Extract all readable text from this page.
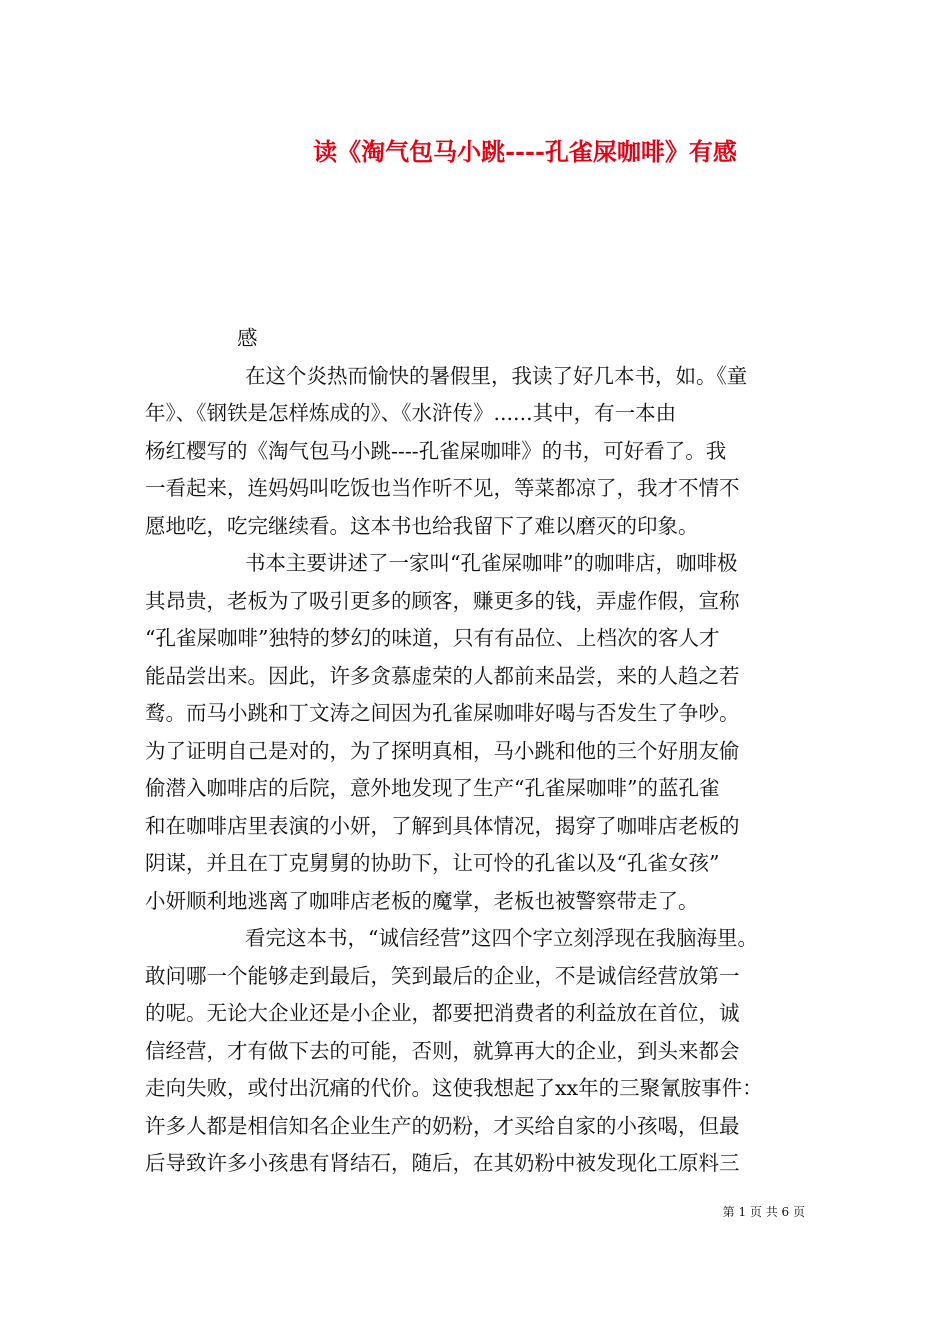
读《淘气包马小跳----孔雀屎咖啡》有感
感
在这个炎热而愉快的暑假里，我读了好几本书，如。《童
年》、《钢铁是怎样炼成的》、《水浒传》......其中，有一本由
杨红樱写的《淘气包马小跳----孔雀屎咖啡》的书，可好看了。我
一看起来，连妈妈叫吃饭也当作听不见，等菜都凉了，我才不情不
愿地吃，吃完继续看。这本书也给我留下了难以磨灭的印象。
书本主要讲述了一家叫“孔雀屎咖啡”的咖啡店，咖啡极
其昂贵，老板为了吸引更多的顾客，赚更多的钱，弄虚作假，宣称
“孔雀屎咖啡”独特的梦幻的味道，只有有品位、上档次的客人才
能品尝出来。因此，许多贪慕虚荣的人都前来品尝，来的人趋之若
鹜。而马小跳和丁文涛之间因为孔雀屎咖啡好喝与否发生了争吵。
为了证明自己是对的，为了探明真相，马小跳和他的三个好朋友偷
偷潜入咖啡店的后院，意外地发现了生产“孔雀屎咖啡”的蓝孔雀
和在咖啡店里表演的小妍，了解到具体情况，揭穿了咖啡店老板的
阴谋，并且在丁克舅舅的协助下，让可怜的孔雀以及“孔雀女孩”
小妍顺利地逃离了咖啡店老板的魔掌，老板也被警察带走了。
看完这本书，“诚信经营”这四个字立刻浮现在我脑海里。
敢问哪一个能够走到最后，笑到最后的企业，不是诚信经营放第一
的呢。无论大企业还是小企业，都要把消费者的利益放在首位，诚
信经营，才有做下去的可能，否则，就算再大的企业，到头来都会
走向失败，或付出沉痛的代价。这使我想起了xx年的三聚氰胺事件：
许多人都是相信知名企业生产的奶粉，才买给自家的小孩喝，但最
后导致许多小孩患有肾结石，随后，在其奶粉中被发现化工原料三
第 1 页 共 6 页
